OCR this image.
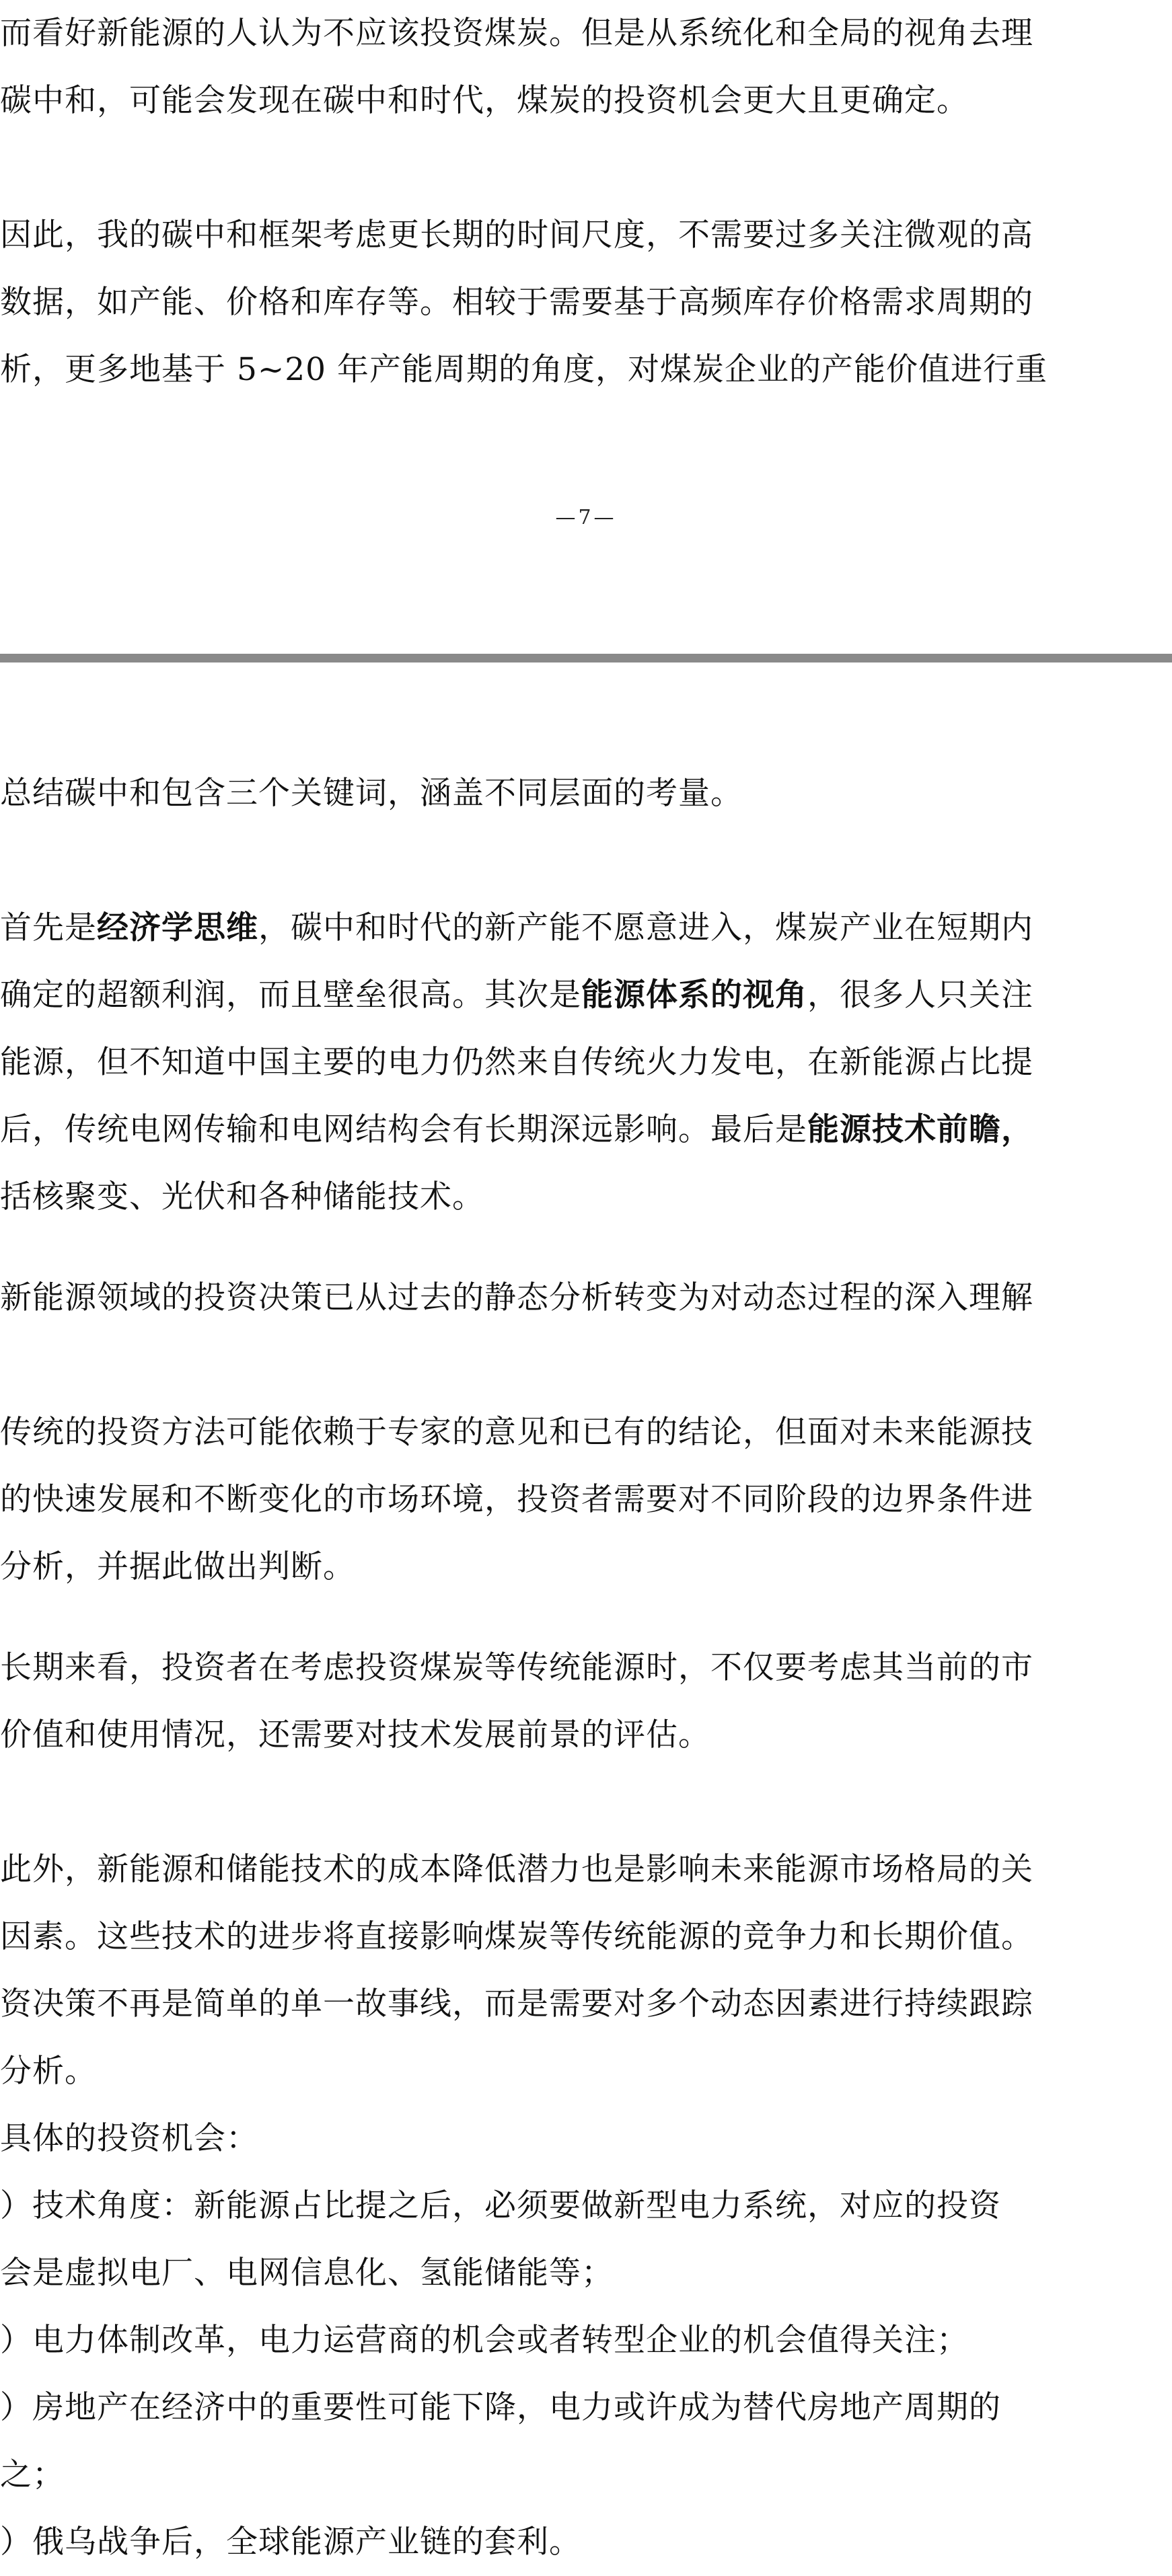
而看好新能源的人认为不应该投资煤炭。但是从系统化和全局的视角去理
碳中和，可能会发现在碳中和时代，煤炭的投资机会更大且更确定。

因此，我的碳中和框架考虑更长期的时间尺度，不需要过多关注微观的高
数据，如产能、价格和库存等。相较于需要基于高频库存价格需求周期的
析，更多地基于 5~20 年产能周期的角度，对煤炭企业的产能价值进行重

—7—

总结碳中和包含三个关键词，涵盖不同层面的考量。

首先是经济学思维，碳中和时代的新产能不愿意进入，煤炭产业在短期内
确定的超额利润，而且壁垒很高。其次是能源体系的视角，很多人只关注
能源，但不知道中国主要的电力仍然来自传统火力发电，在新能源占比提
后，传统电网传输和电网结构会有长期深远影响。最后是能源技术前瞻，
括核聚变、光伏和各种储能技术。

新能源领域的投资决策已从过去的静态分析转变为对动态过程的深入理解

传统的投资方法可能依赖于专家的意见和已有的结论，但面对未来能源技
的快速发展和不断变化的市场环境，投资者需要对不同阶段的边界条件进
分析，并据此做出判断。

长期来看，投资者在考虑投资煤炭等传统能源时，不仅要考虑其当前的市
价值和使用情况，还需要对技术发展前景的评估。

此外，新能源和储能技术的成本降低潜力也是影响未来能源市场格局的关
因素。这些技术的进步将直接影响煤炭等传统能源的竞争力和长期价值。
资决策不再是简单的单一故事线，而是需要对多个动态因素进行持续跟踪
分析。

具体的投资机会：
）技术角度：新能源占比提之后，必须要做新型电力系统，对应的投资
会是虚拟电厂、电网信息化、氢能储能等；
）电力体制改革，电力运营商的机会或者转型企业的机会值得关注；
）房地产在经济中的重要性可能下降，电力或许成为替代房地产周期的
之；
）俄乌战争后，全球能源产业链的套利。
